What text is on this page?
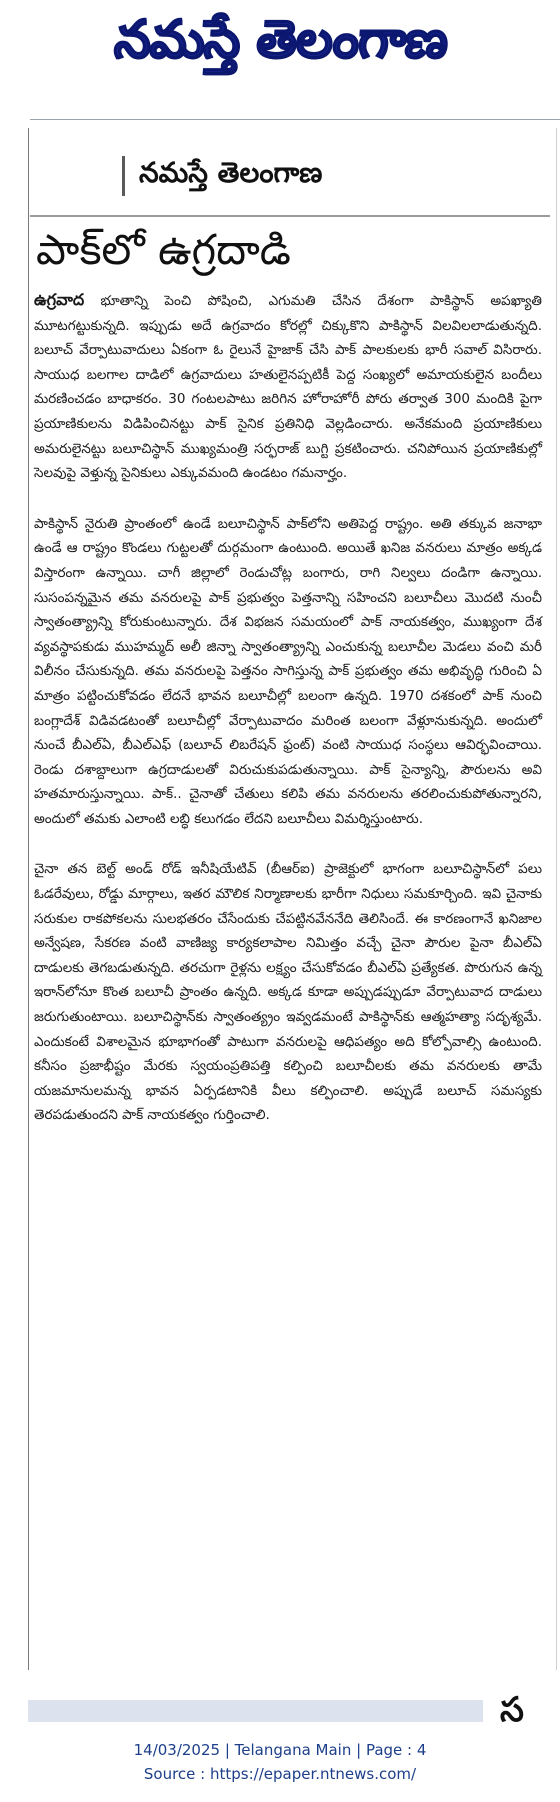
నమస్తే తెలంగాణ
నమస్తే తెలంగాణ
పాక్‌లో ఉగ్రదాడి

ఉగ్రవాద భూతాన్ని పెంచి పోషించి, ఎగుమతి చేసిన దేశంగా పాకిస్థాన్ అపఖ్యాతి మూటగట్టుకున్నది. ఇప్పుడు అదే ఉగ్రవాదం కోరల్లో చిక్కుకొని పాకిస్థాన్ విలవిలలాడుతున్నది. బలూచ్ వేర్పాటువాదులు ఏకంగా ఓ రైలునే హైజాక్ చేసి పాక్ పాలకులకు భారీ సవాల్ విసిరారు. సాయుధ బలగాల దాడిలో ఉగ్రవాదులు హతులైనప్పటికీ పెద్ద సంఖ్యలో అమాయకులైన బందీలు మరణించడం బాధాకరం. 30 గంటలపాటు జరిగిన హోరాహోరీ పోరు తర్వాత 300 మందికి పైగా ప్రయాణికులను విడిపించినట్టు పాక్ సైనిక ప్రతినిధి వెల్లడించారు. అనేకమంది ప్రయాణికులు అమరులైనట్టు బలూచిస్థాన్ ముఖ్యమంత్రి సర్ఫరాజ్ బుగ్టి ప్రకటించారు. చనిపోయిన ప్రయాణికుల్లో సెలవుపై వెళ్తున్న సైనికులు ఎక్కువమంది ఉండటం గమనార్హం.

పాకిస్థాన్ నైరుతి ప్రాంతంలో ఉండే బలూచిస్థాన్ పాక్‌లోని అతిపెద్ద రాష్ట్రం. అతి తక్కువ జనాభా ఉండే ఆ రాష్ట్రం కొండలు గుట్టలతో దుర్గమంగా ఉంటుంది. అయితే ఖనిజ వనరులు మాత్రం అక్కడ విస్తారంగా ఉన్నాయి. చాగీ జిల్లాలో రెండుచోట్ల బంగారు, రాగి నిల్వలు దండిగా ఉన్నాయి. సుసంపన్నమైన తమ వనరులపై పాక్ ప్రభుత్వం పెత్తనాన్ని సహించని బలూచీలు మొదటి నుంచీ స్వాతంత్య్రాన్ని కోరుకుంటున్నారు. దేశ విభజన సమయంలో పాక్ నాయకత్వం, ముఖ్యంగా దేశ వ్యవస్థాపకుడు ముహమ్మద్ అలీ జిన్నా స్వాతంత్య్రాన్ని ఎంచుకున్న బలూచీల మెడలు వంచి మరీ విలీనం చేసుకున్నది. తమ వనరులపై పెత్తనం సాగిస్తున్న పాక్ ప్రభుత్వం తమ అభివృద్ధి గురించి ఏ మాత్రం పట్టించుకోవడం లేదనే భావన బలూచీల్లో బలంగా ఉన్నది. 1970 దశకంలో పాక్ నుంచి బంగ్లాదేశ్ విడివడటంతో బలూచీల్లో వేర్పాటువాదం మరింత బలంగా వేళ్లూనుకున్నది. అందులో నుంచే బీఎల్ఏ, బీఎల్ఎఫ్ (బలూచ్ లిబరేషన్ ఫ్రంట్) వంటి సాయుధ సంస్థలు ఆవిర్భవించాయి. రెండు దశాబ్దాలుగా ఉగ్రదాడులతో విరుచుకుపడుతున్నాయి. పాక్ సైన్యాన్ని, పౌరులను అవి హతమారుస్తున్నాయి. పాక్.. చైనాతో చేతులు కలిపి తమ వనరులను తరలించుకుపోతున్నారని, అందులో తమకు ఎలాంటి లబ్ధి కలుగడం లేదని బలూచీలు విమర్శిస్తుంటారు.

చైనా తన బెల్ట్ అండ్ రోడ్ ఇనీషియేటివ్ (బీఆర్ఐ) ప్రాజెక్టులో భాగంగా బలూచిస్థాన్‌లో పలు ఓడరేవులు, రోడ్డు మార్గాలు, ఇతర మౌలిక నిర్మాణాలకు భారీగా నిధులు సమకూర్చింది. ఇవి చైనాకు సరుకుల రాకపోకలను సులభతరం చేసేందుకు చేపట్టినవేననేది తెలిసిందే. ఈ కారణంగానే ఖనిజాల అన్వేషణ, సేకరణ వంటి వాణిజ్య కార్యకలాపాల నిమిత్తం వచ్చే చైనా పౌరుల పైనా బీఎల్ఏ దాడులకు తెగబడుతున్నది. తరచుగా రైళ్లను లక్ష్యం చేసుకోవడం బీఎల్ఏ ప్రత్యేకత. పొరుగున ఉన్న ఇరాన్‌లోనూ కొంత బలూచీ ప్రాంతం ఉన్నది. అక్కడ కూడా అప్పుడప్పుడూ వేర్పాటువాద దాడులు జరుగుతుంటాయి. బలూచిస్థాన్‌కు స్వాతంత్య్రం ఇవ్వడమంటే పాకిస్థాన్‌కు ఆత్మహత్యా సదృశ్యమే. ఎందుకంటే విశాలమైన భూభాగంతో పాటుగా వనరులపై ఆధిపత్యం అది కోల్పోవాల్సి ఉంటుంది. కనీసం ప్రజాభీష్టం మేరకు స్వయంప్రతిపత్తి కల్పించి బలూచీలకు తమ వనరులకు తామే యజమానులమన్న భావన ఏర్పడటానికి వీలు కల్పించాలి. అప్పుడే బలూచ్ సమస్యకు తెరపడుతుందని పాక్ నాయకత్వం గుర్తించాలి.

స
14/03/2025 | Telangana Main | Page : 4
Source : https://epaper.ntnews.com/
